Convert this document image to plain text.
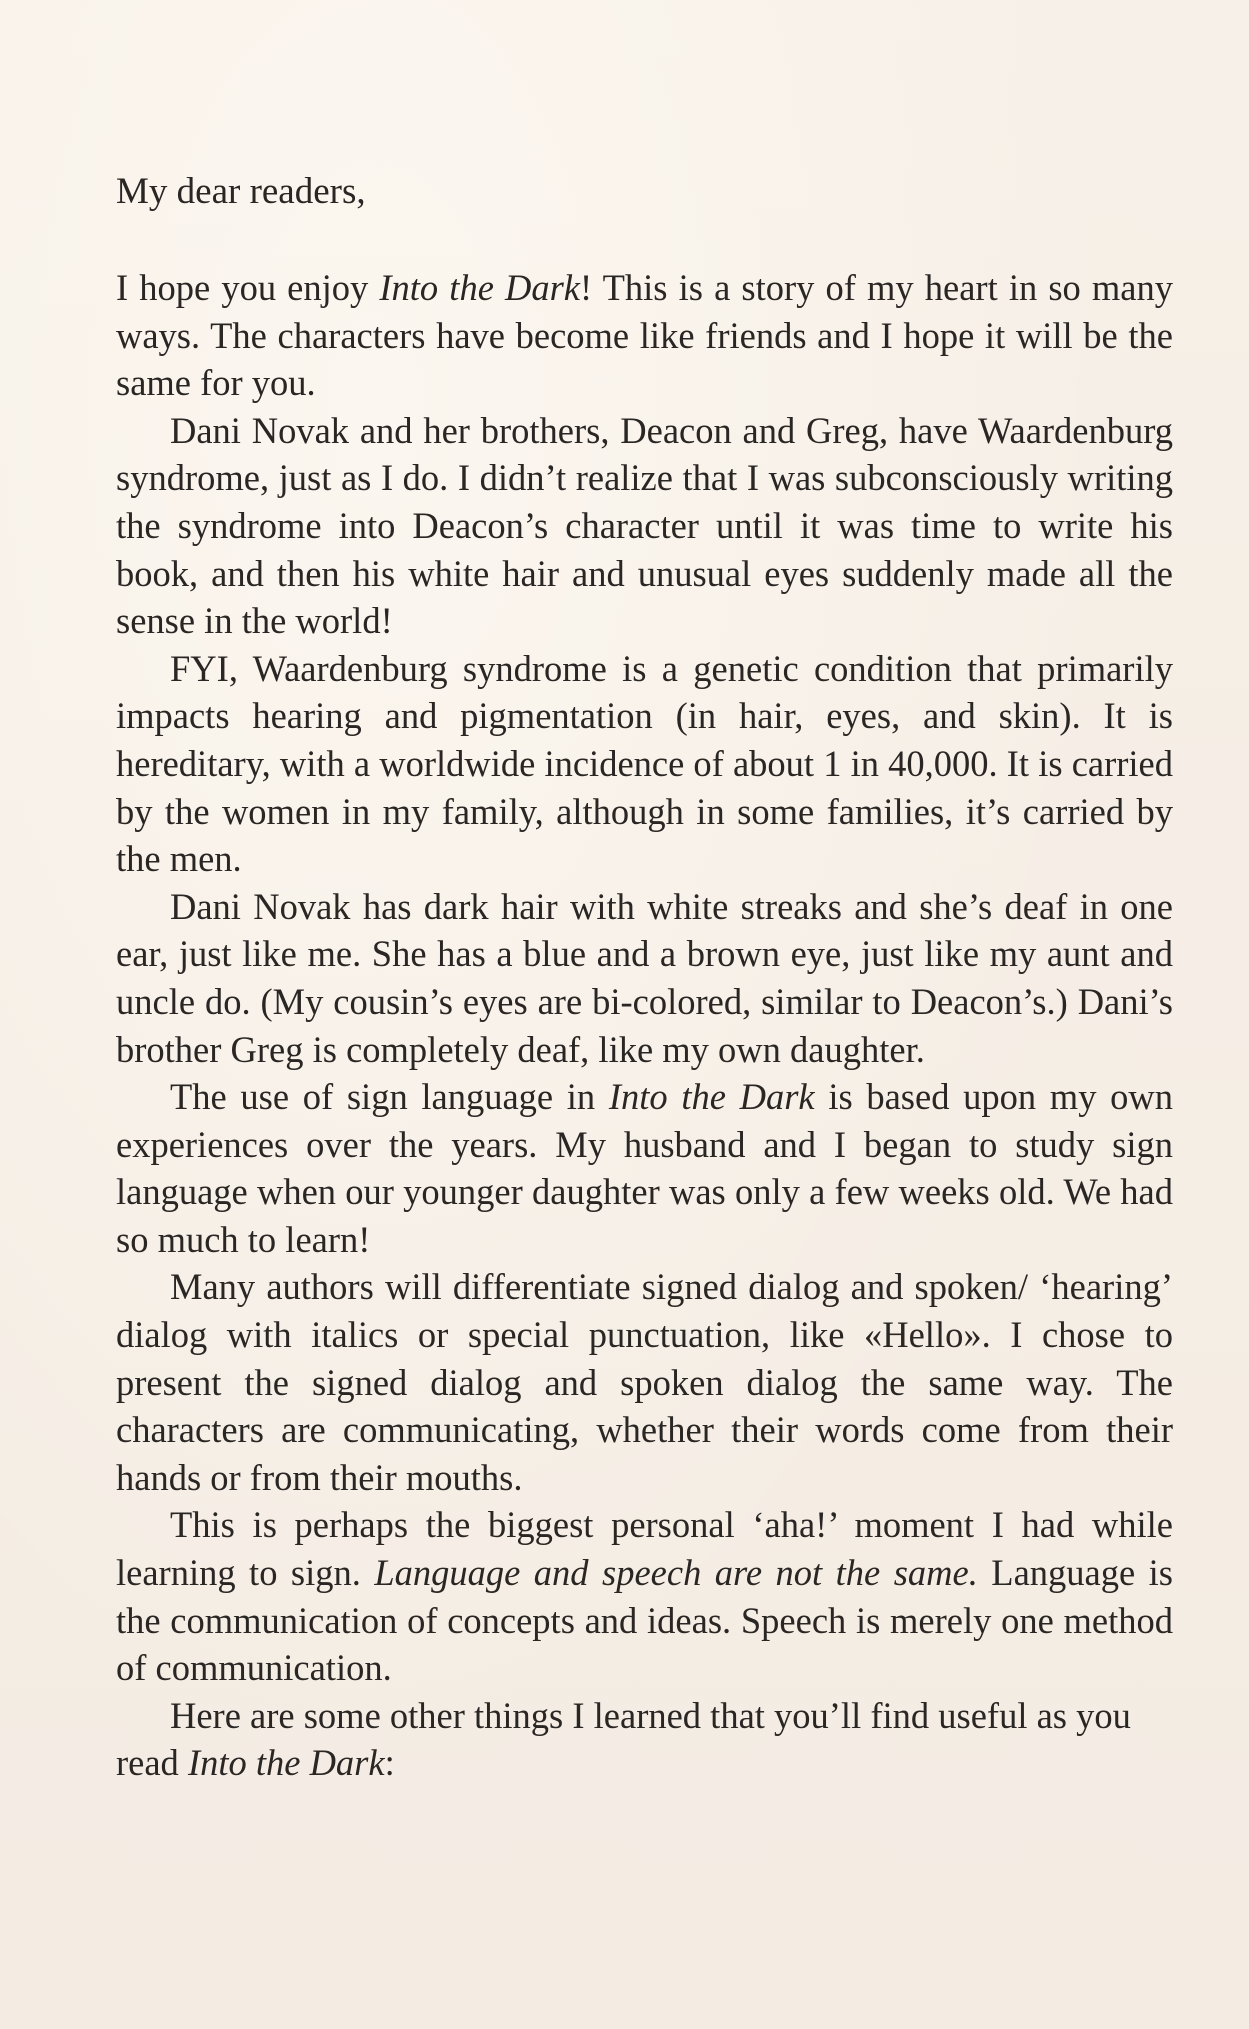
My dear readers,

I hope you enjoy Into the Dark! This is a story of my heart in so many ways. The characters have become like friends and I hope it will be the same for you.

Dani Novak and her brothers, Deacon and Greg, have Waardenburg syndrome, just as I do. I didn’t realize that I was subconsciously writing the syndrome into Deacon’s character until it was time to write his book, and then his white hair and unusual eyes suddenly made all the sense in the world!

FYI, Waardenburg syndrome is a genetic condition that primarily impacts hearing and pigmentation (in hair, eyes, and skin). It is hereditary, with a worldwide incidence of about 1 in 40,000. It is carried by the women in my family, although in some families, it’s carried by the men.

Dani Novak has dark hair with white streaks and she’s deaf in one ear, just like me. She has a blue and a brown eye, just like my aunt and uncle do. (My cousin’s eyes are bi-colored, similar to Deacon’s.) Dani’s brother Greg is completely deaf, like my own daughter.

The use of sign language in Into the Dark is based upon my own experiences over the years. My husband and I began to study sign language when our younger daughter was only a few weeks old. We had so much to learn!

Many authors will differentiate signed dialog and spoken/ ‘hearing’ dialog with italics or special punctuation, like «Hello». I chose to present the signed dialog and spoken dialog the same way. The characters are communicating, whether their words come from their hands or from their mouths.

This is perhaps the biggest personal ‘aha!’ moment I had while learning to sign. Language and speech are not the same. Language is the communication of concepts and ideas. Speech is merely one method of communication.

Here are some other things I learned that you’ll find useful as you read Into the Dark:
